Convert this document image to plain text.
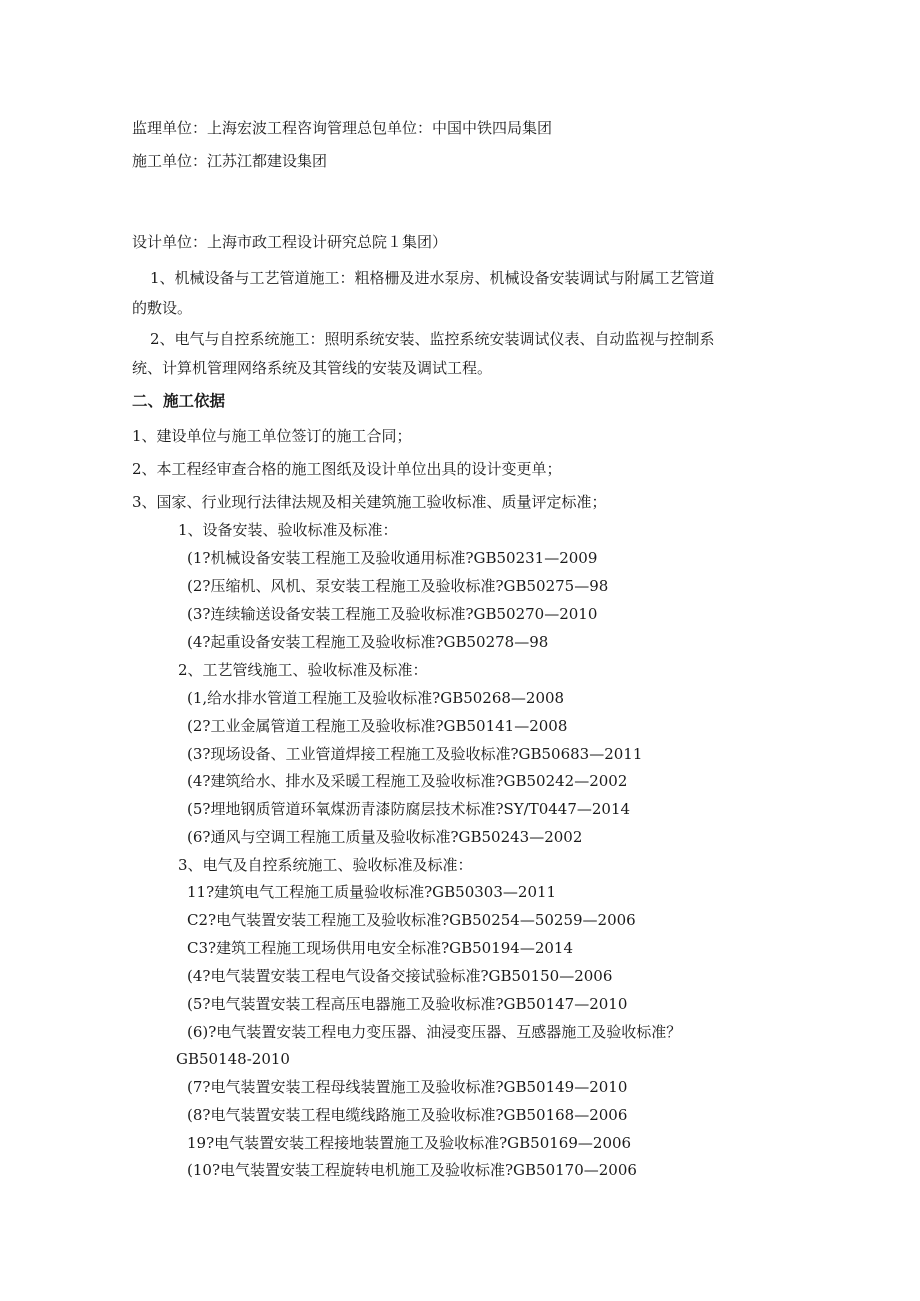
监理单位：上海宏波工程咨询管理总包单位：中国中铁四局集团
施工单位：江苏江都建设集团
设计单位：上海市政工程设计研究总院１集团）
1、机械设备与工艺管道施工：粗格栅及进水泵房、机械设备安装调试与附属工艺管道
的敷设。
2、电气与自控系统施工：照明系统安装、监控系统安装调试仪表、自动监视与控制系
统、计算机管理网络系统及其管线的安装及调试工程。
二、施工依据
1、建设单位与施工单位签订的施工合同；
2、本工程经审查合格的施工图纸及设计单位出具的设计变更单；
3、国家、行业现行法律法规及相关建筑施工验收标准、质量评定标准；
1、设备安装、验收标准及标准：
(1?机械设备安装工程施工及验收通用标准?GB50231—2009
(2?压缩机、风机、泵安装工程施工及验收标准?GB50275—98
(3?连续输送设备安装工程施工及验收标准?GB50270—2010
(4?起重设备安装工程施工及验收标准?GB50278—98
2、工艺管线施工、验收标准及标准：
(1,给水排水管道工程施工及验收标准?GB50268—2008
(2?工业金属管道工程施工及验收标准?GB50141—2008
(3?现场设备、工业管道焊接工程施工及验收标准?GB50683—2011
(4?建筑给水、排水及采暖工程施工及验收标准?GB50242—2002
(5?埋地钢质管道环氧煤沥青漆防腐层技术标准?SY/T0447—2014
(6?通风与空调工程施工质量及验收标准?GB50243—2002
3、电气及自控系统施工、验收标准及标准：
11?建筑电气工程施工质量验收标准?GB50303—2011
C2?电气装置安装工程施工及验收标准?GB50254—50259—2006
C3?建筑工程施工现场供用电安全标准?GB50194—2014
(4?电气装置安装工程电气设备交接试验标准?GB50150—2006
(5?电气装置安装工程高压电器施工及验收标准?GB50147—2010
(6)?电气装置安装工程电力变压器、油浸变压器、互感器施工及验收标准？
GB50148-2010
(7?电气装置安装工程母线装置施工及验收标准?GB50149—2010
(8?电气装置安装工程电缆线路施工及验收标准?GB50168—2006
19?电气装置安装工程接地装置施工及验收标准?GB50169—2006
(10?电气装置安装工程旋转电机施工及验收标准?GB50170—2006
